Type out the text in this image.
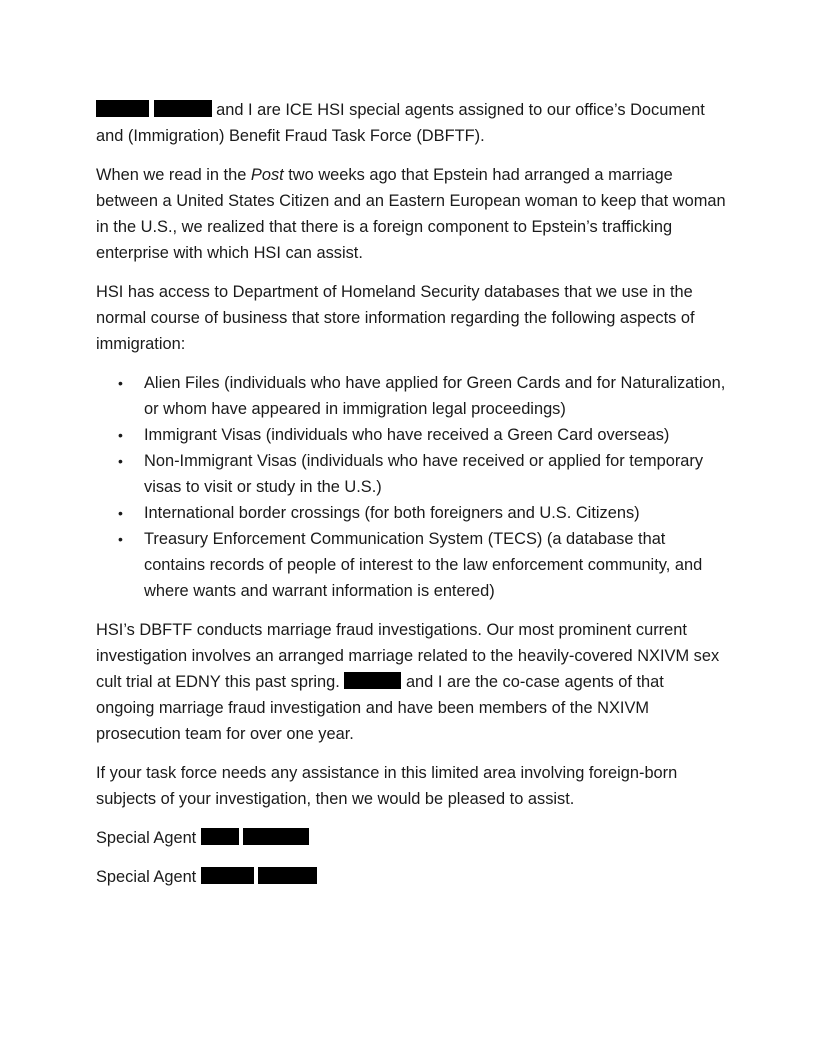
and I are ICE HSI special agents assigned to our office’s Document and (Immigration) Benefit Fraud Task Force (DBFTF).

When we read in the Post two weeks ago that Epstein had arranged a marriage between a United States Citizen and an Eastern European woman to keep that woman in the U.S., we realized that there is a foreign component to Epstein’s trafficking enterprise with which HSI can assist.

HSI has access to Department of Homeland Security databases that we use in the normal course of business that store information regarding the following aspects of immigration:

• Alien Files (individuals who have applied for Green Cards and for Naturalization, or whom have appeared in immigration legal proceedings)
• Immigrant Visas (individuals who have received a Green Card overseas)
• Non-Immigrant Visas (individuals who have received or applied for temporary visas to visit or study in the U.S.)
• International border crossings (for both foreigners and U.S. Citizens)
• Treasury Enforcement Communication System (TECS) (a database that contains records of people of interest to the law enforcement community, and where wants and warrant information is entered)

HSI’s DBFTF conducts marriage fraud investigations. Our most prominent current investigation involves an arranged marriage related to the heavily-covered NXIVM sex cult trial at EDNY this past spring.	and I are the co-case agents of that ongoing marriage fraud investigation and have been members of the NXIVM prosecution team for over one year.

If your task force needs any assistance in this limited area involving foreign-born subjects of your investigation, then we would be pleased to assist.

Special Agent

Special Agent
